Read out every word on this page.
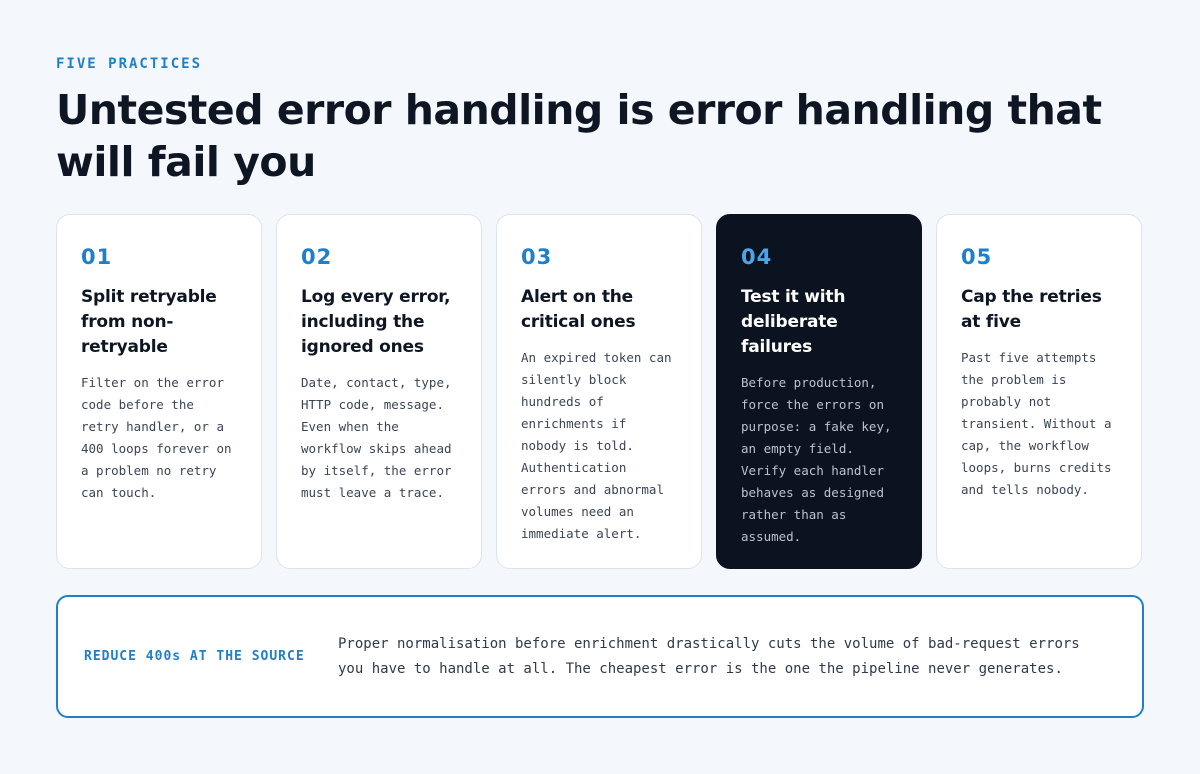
FIVE PRACTICES
Untested error handling is error handling that will fail you
01
Split retryable from non-retryable
Filter on the error code before the retry handler, or a 400 loops forever on a problem no retry can touch.
02
Log every error, including the ignored ones
Date, contact, type, HTTP code, message. Even when the workflow skips ahead by itself, the error must leave a trace.
03
Alert on the critical ones
An expired token can silently block hundreds of enrichments if nobody is told. Authentication errors and abnormal volumes need an immediate alert.
04
Test it with deliberate failures
Before production, force the errors on purpose: a fake key, an empty field. Verify each handler behaves as designed rather than as assumed.
05
Cap the retries at five
Past five attempts the problem is probably not transient. Without a cap, the workflow loops, burns credits and tells nobody.
REDUCE 400s AT THE SOURCE
Proper normalisation before enrichment drastically cuts the volume of bad-request errors you have to handle at all. The cheapest error is the one the pipeline never generates.
